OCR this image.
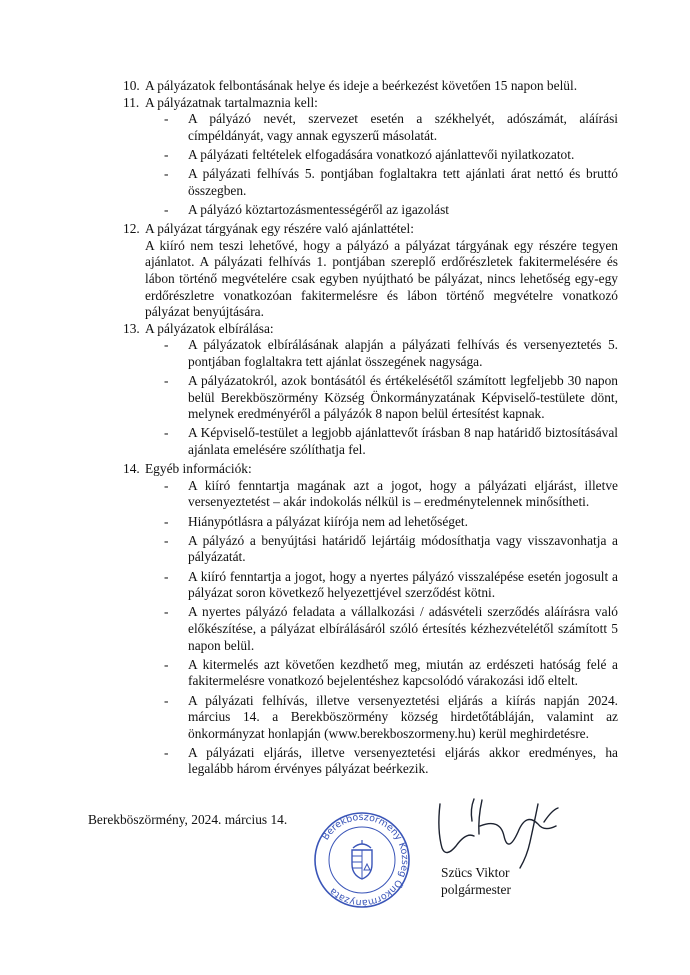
10. A pályázatok felbontásának helye és ideje a beérkezést követően 15 napon belül.
11. A pályázatnak tartalmaznia kell:
-	A pályázó nevét, szervezet esetén a székhelyét, adószámát, aláírási címpéldányát, vagy annak egyszerű másolatát.
-	A pályázati feltételek elfogadására vonatkozó ajánlattevői nyilatkozatot.
-	A pályázati felhívás 5. pontjában foglaltakra tett ajánlati árat nettó és bruttó összegben.
-	A pályázó köztartozásmentességéről az igazolást
12. A pályázat tárgyának egy részére való ajánlattétel:
A kiíró nem teszi lehetővé, hogy a pályázó a pályázat tárgyának egy részére tegyen ajánlatot. A pályázati felhívás 1. pontjában szereplő erdőrészletek fakitermelésére és lábon történő megvételére csak egyben nyújtható be pályázat, nincs lehetőség egy-egy erdőrészletre vonatkozóan fakitermelésre és lábon történő megvételre vonatkozó pályázat benyújtására.
13. A pályázatok elbírálása:
-	A pályázatok elbírálásának alapján a pályázati felhívás és versenyeztetés 5. pontjában foglaltakra tett ajánlat összegének nagysága.
-	A pályázatokról, azok bontásától és értékelésétől számított legfeljebb 30 napon belül Berekböszörmény Község Önkormányzatának Képviselő-testülete dönt, melynek eredményéről a pályázók 8 napon belül értesítést kapnak.
-	A Képviselő-testület a legjobb ajánlattevőt írásban 8 nap határidő biztosításával ajánlata emelésére szólíthatja fel.
14. Egyéb információk:
-	A kiíró fenntartja magának azt a jogot, hogy a pályázati eljárást, illetve versenyeztetést – akár indokolás nélkül is – eredménytelennek minősítheti.
-	Hiánypótlásra a pályázat kiírója nem ad lehetőséget.
-	A pályázó a benyújtási határidő lejártáig módosíthatja vagy visszavonhatja a pályázatát.
-	A kiíró fenntartja a jogot, hogy a nyertes pályázó visszalépése esetén jogosult a pályázat soron következő helyezettjével szerződést kötni.
-	A nyertes pályázó feladata a vállalkozási / adásvételi szerződés aláírásra való előkészítése, a pályázat elbírálásáról szóló értesítés kézhezvételétől számított 5 napon belül.
-	A kitermelés azt követően kezdhető meg, miután az erdészeti hatóság felé a fakitermelésre vonatkozó bejelentéshez kapcsolódó várakozási idő eltelt.
-	A pályázati felhívás, illetve versenyeztetési eljárás a kiírás napján 2024. március 14. a Berekböszörmény község hirdetőtábláján, valamint az önkormányzat honlapján (www.berekboszormeny.hu) kerül meghirdetésre.
-	A pályázati eljárás, illetve versenyeztetési eljárás akkor eredményes, ha legalább három érvényes pályázat beérkezik.
Berekböszörmény, 2024. március 14.
Berekböszörmény Község Önkormányzata
Szücs Viktor
polgármester
